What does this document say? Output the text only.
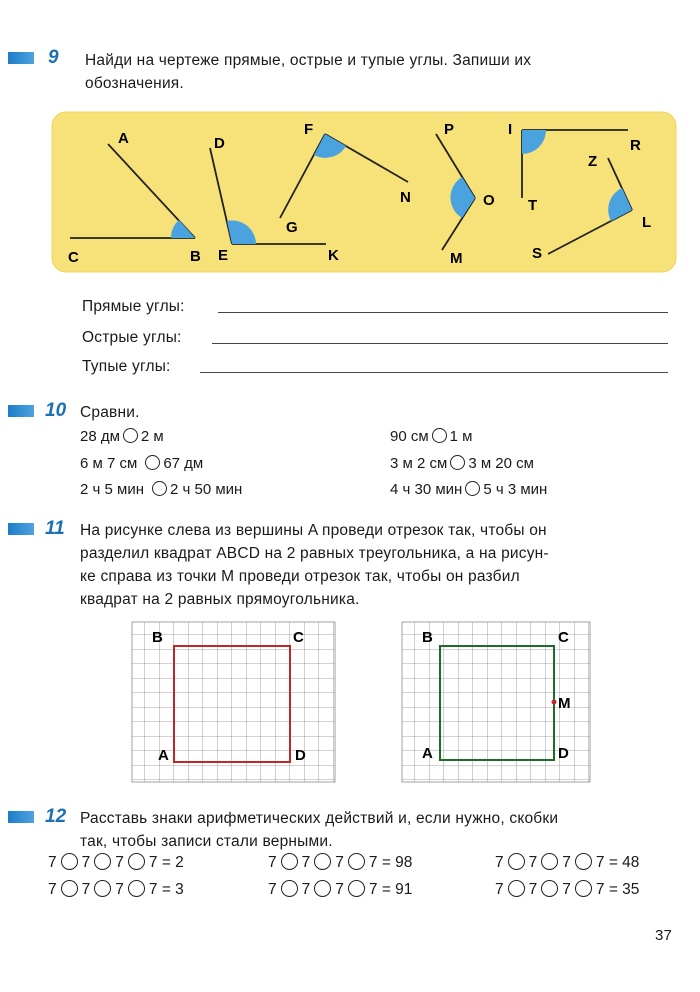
9 Найди на чертеже прямые, острые и тупые углы. Запиши их
обозначения.
A
C	B
D
E	K
F
G
N
P
O
M
I
R
T
Z
L
S
Прямые углы:
Острые углы:
Тупые углы:
10 Сравни.
28 дм 2 м
6 м 7 см 67 дм
2 ч 5 мин 2 ч 50 мин
90 см 1 м
3 м 2 см 3 м 20 см
4 ч 30 мин 5 ч 3 мин
11 На рисунке слева из вершины A проведи отрезок так, чтобы он
разделил квадрат ABCD на 2 равных треугольника, а на рисун-
ке справа из точки M проведи отрезок так, чтобы он разбил
квадрат на 2 равных прямоугольника.
B	C
A	D
B	C
M
A	D
12 Расставь знаки арифметических действий и, если нужно, скобки
так, чтобы записи стали верными.
7 7 7 7 = 2	7 7 7 7 = 98	7 7 7 7 = 48
7 7 7 7 = 3	7 7 7 7 = 91	7 7 7 7 = 35
37
